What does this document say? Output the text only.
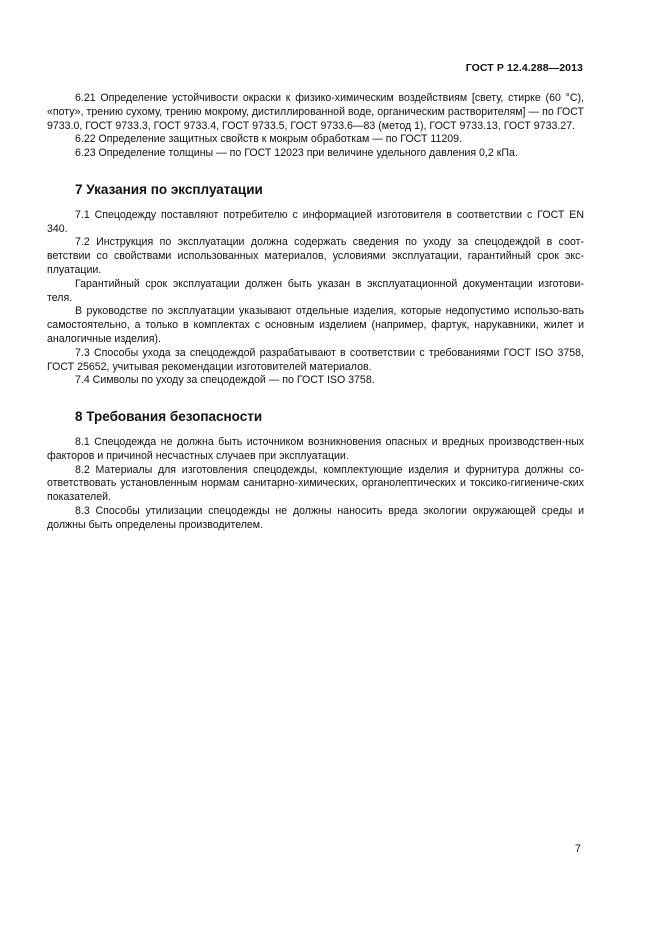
ГОСТ Р 12.4.288—2013

6.21 Определение устойчивости окраски к физико-химическим воздействиям [свету, стирке (60 °С), «поту», трению сухому, трению мокрому, дистиллированной воде, органическим растворителям] — по ГОСТ 9733.0, ГОСТ 9733.3, ГОСТ 9733.4, ГОСТ 9733.5, ГОСТ 9733.6—83 (метод 1), ГОСТ 9733.13, ГОСТ 9733.27.

6.22 Определение защитных свойств к мокрым обработкам — по ГОСТ 11209.

6.23 Определение толщины — по ГОСТ 12023 при величине удельного давления 0,2 кПа.

7 Указания по эксплуатации

7.1 Спецодежду поставляют потребителю с информацией изготовителя в соответствии с ГОСТ EN 340.

7.2 Инструкция по эксплуатации должна содержать сведения по уходу за спецодеждой в соот-ветствии со свойствами использованных материалов, условиями эксплуатации, гарантийный срок экс-плуатации.

Гарантийный срок эксплуатации должен быть указан в эксплуатационной документации изготови-теля.

В руководстве по эксплуатации указывают отдельные изделия, которые недопустимо использо-вать самостоятельно, а только в комплектах с основным изделием (например, фартук, нарукавники, жилет и аналогичные изделия).

7.3 Способы ухода за спецодеждой разрабатывают в соответствии с требованиями ГОСТ ISO 3758, ГОСТ 25652, учитывая рекомендации изготовителей материалов.

7.4 Символы по уходу за спецодеждой — по ГОСТ ISO 3758.

8 Требования безопасности

8.1 Спецодежда не должна быть источником возникновения опасных и вредных производствен-ных факторов и причиной несчастных случаев при эксплуатации.

8.2 Материалы для изготовления спецодежды, комплектующие изделия и фурнитура должны со-ответствовать установленным нормам санитарно-химических, органолептических и токсико-гигиениче-ских показателей.

8.3 Способы утилизации спецодежды не должны наносить вреда экологии окружающей среды и должны быть определены производителем.

7
